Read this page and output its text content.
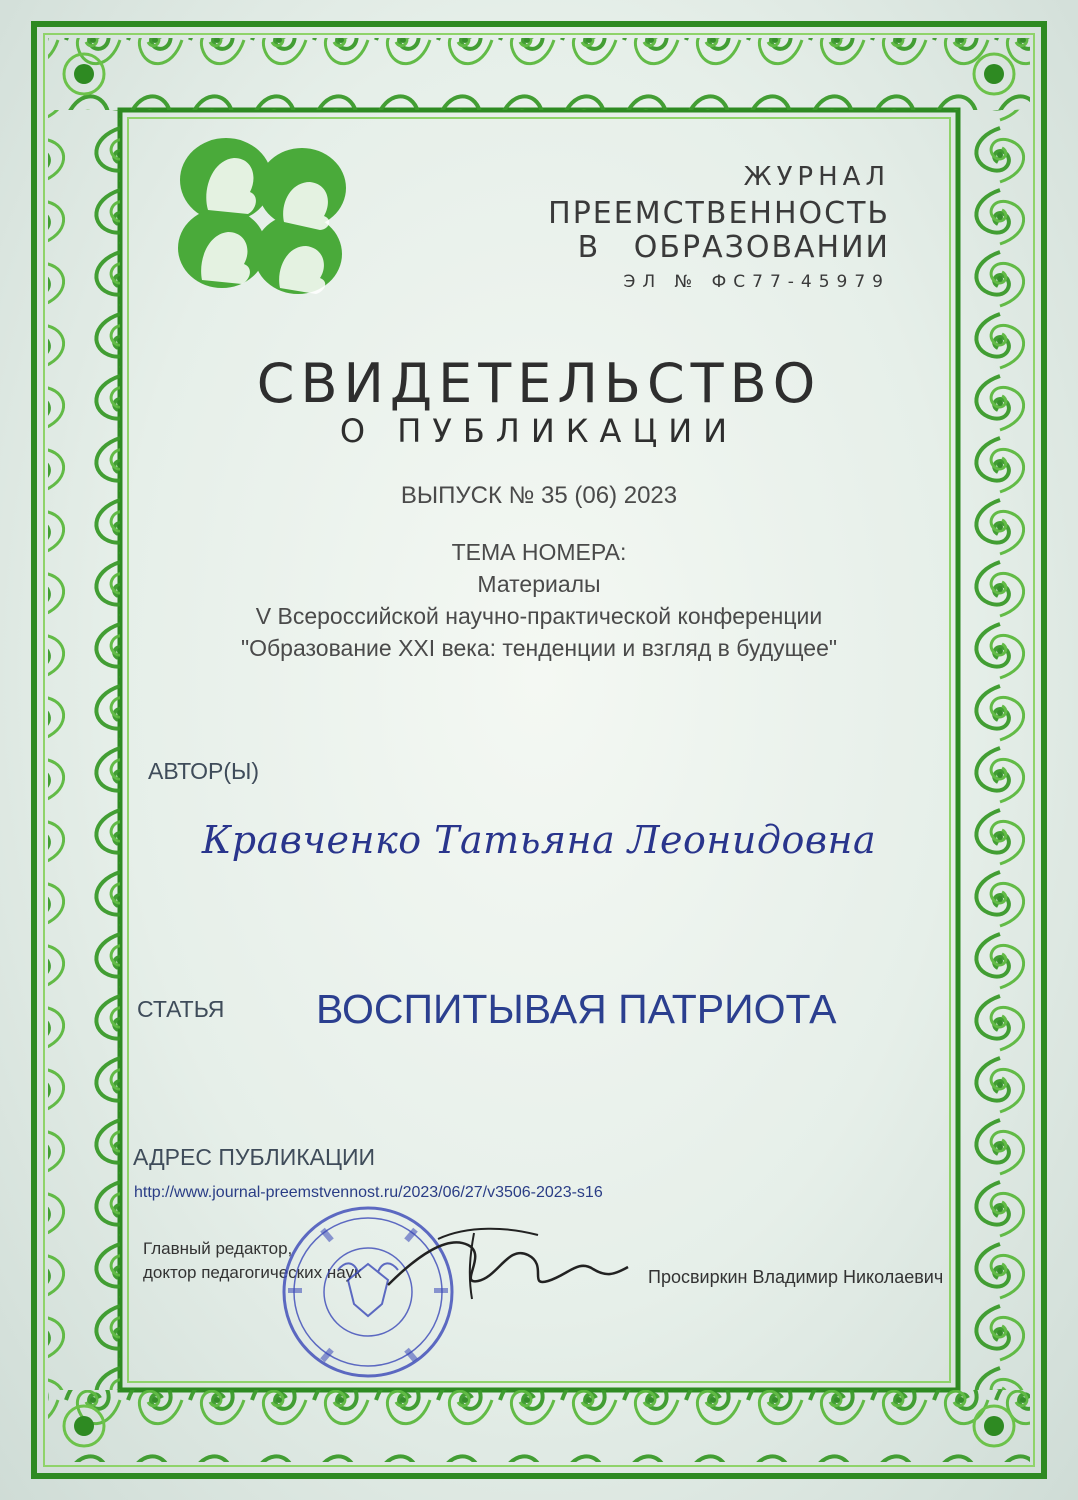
ЖУРНАЛ
ПРЕЕМСТВЕННОСТЬ
В ОБРАЗОВАНИИ
ЭЛ № ФС77-45979
СВИДЕТЕЛЬСТВО
О ПУБЛИКАЦИИ
ВЫПУСК № 35 (06) 2023
ТЕМА НОМЕРА:
Материалы
V Всероссийской научно-практической конференции
"Образование XXI века: тенденции и взгляд в будущее"
АВТОР(Ы)
Кравченко Татьяна Леонидовна
СТАТЬЯ ВОСПИТЫВАЯ ПАТРИОТА
АДРЕС ПУБЛИКАЦИИ
http://www.journal-preemstvennost.ru/2023/06/27/v3506-2023-s16
Главный редактор,
доктор педагогических наук	Просвиркин Владимир Николаевич
